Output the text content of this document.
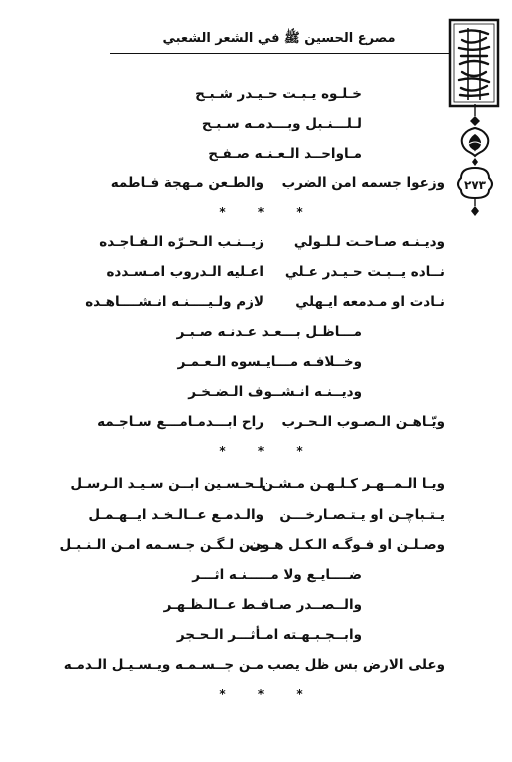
مصرع الحسين ﷺ في الشعر الشعبي
٢٧٣
خـلـوه يـبـت حـيـدر شـبـح
لـلـــنـبل وبـــدمـه سـبـح
مـاواحــد الـعـنـه صـفـح
وزعوا جسمه امن الضرب
والطـعن مـهجة فـاطمه
* * *
وديـنـه صـاحـت لـلـولي
زيــنـب الـحـرّه الـفـاجـده
نــاده يــبـت حـيـدر عـلي
اعـليه الـدروب امـسـدده
نـادت او مـدمعه ايـهلي
لازم ولـيــــنـه انـشــــاهـده
مـــاظـل بـــعـد عـدنـه صـبـر
وخــلافـه مـــايـسوه الـعـمـر
وديــنـه انـشــوف الـضـخـر
ويّـاهـن الـصـوب الـحـرب
راح ابـــدمـامـــع سـاجـمه
* * *
ويـا الـمــهـر كـلـهـن مـشـن
لـحـسـين ابــن سـيـد الـرسـل
يـتـباچـن او يـتـصـارخـــن
والـدمـع عــالـخـد ايــهـمـل
وصـلـن او فـوگـه الـكـل هـون
مـن لـگـن جـسـمه امـن الـنـبـل
ضــــايـع ولا مـــــنـه اثـــر
والــصــدر صـافـط عــالـظـهـر
وابــجـبـهـته امـأثـــر الـحـجر
وعلى الارض بس ظل يصب
مـن جــسـمـه ويـسـيـل الـدمـه
* * *
